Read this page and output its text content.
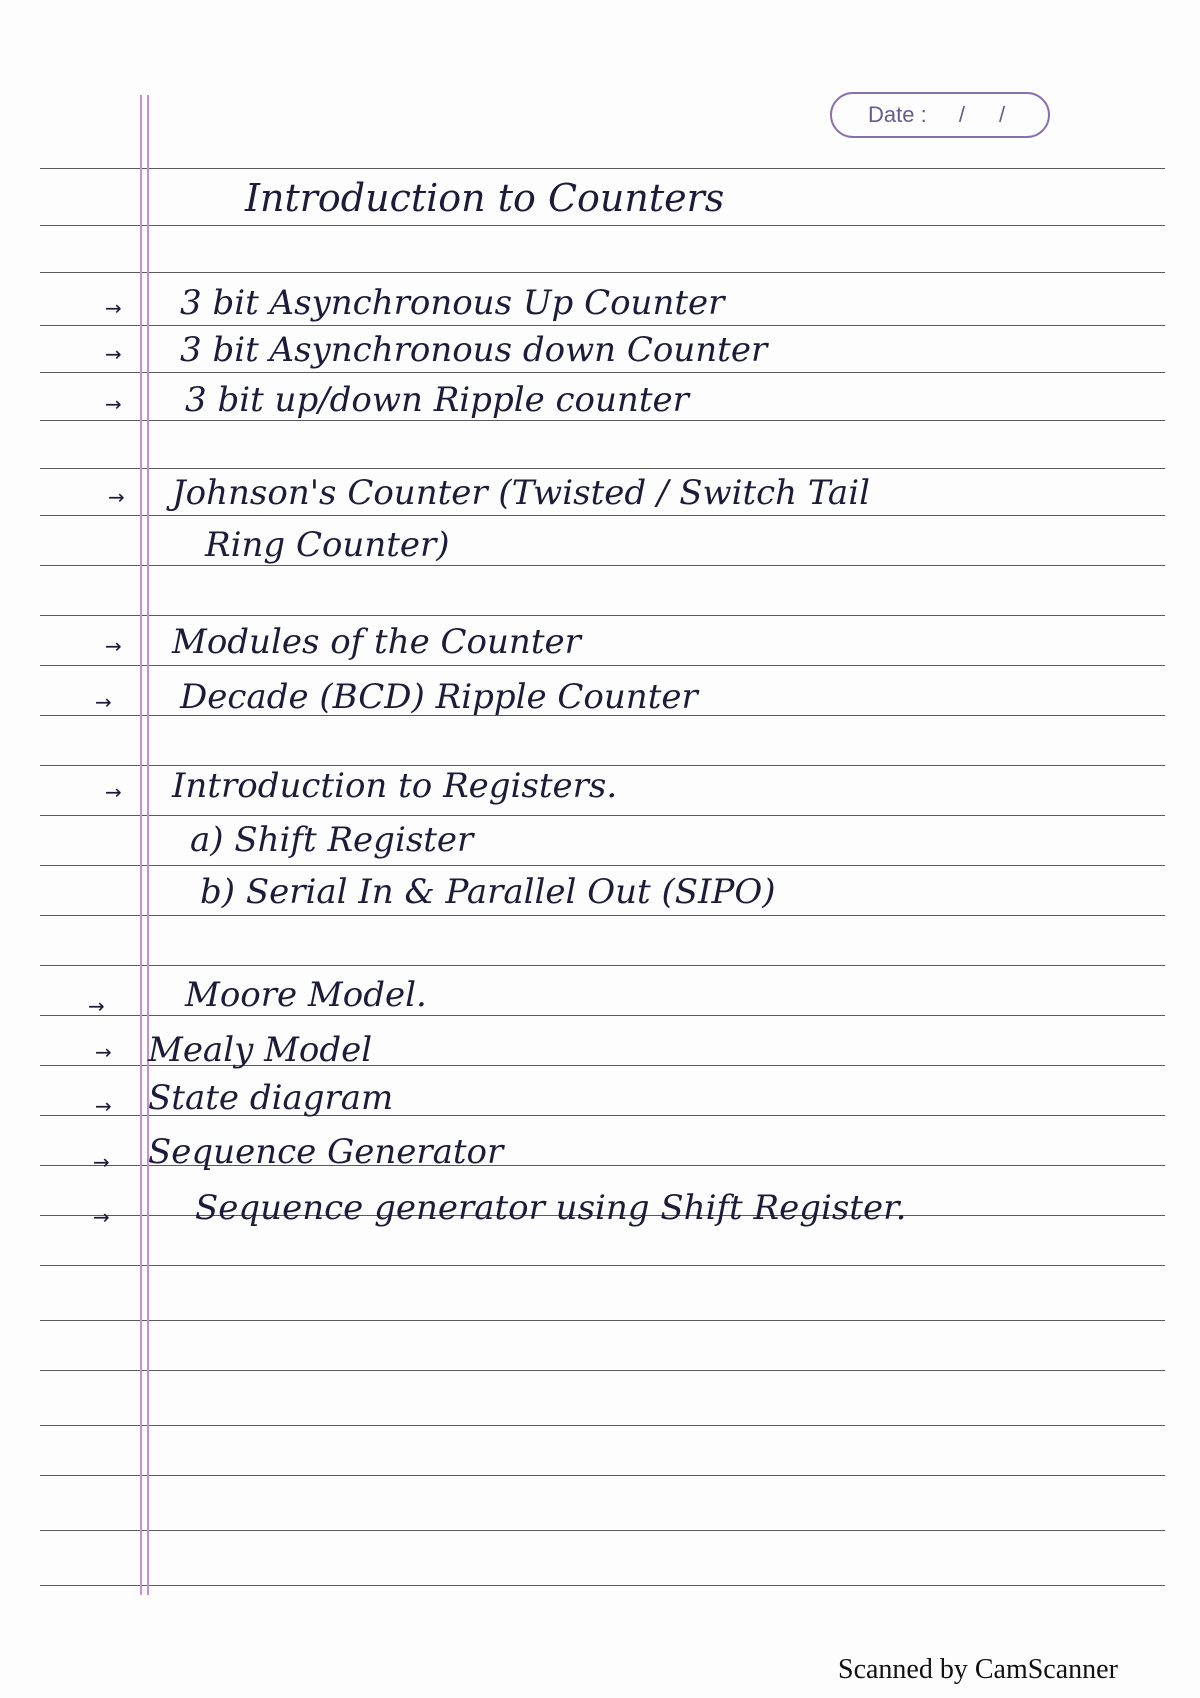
Date : / /
Introduction to Counters
→
→
→
→
→
→
→
→
→
→
→
→
3 bit Asynchronous Up Counter
3 bit Asynchronous down Counter
3 bit up/down Ripple counter
Johnson's Counter (Twisted / Switch Tail
Ring Counter)
Modules of the Counter
Decade (BCD) Ripple Counter
Introduction to Registers.
a) Shift Register
b) Serial In & Parallel Out (SIPO)
Moore Model.
Mealy Model
State diagram
Sequence Generator
Sequence generator using Shift Register.
Scanned by CamScanner
